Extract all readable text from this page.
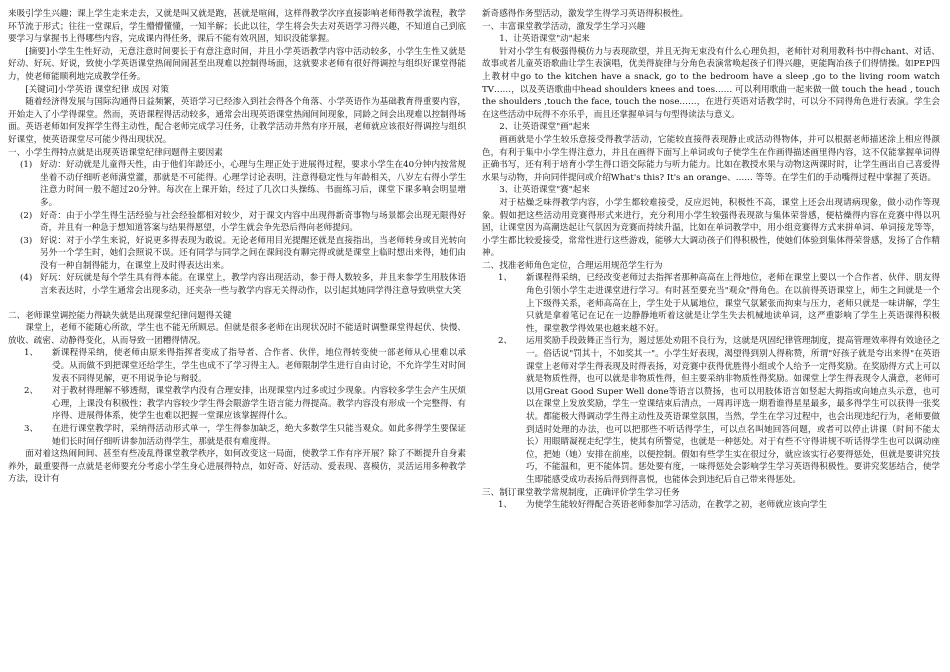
来吸引学生兴趣；课上学生走来走去，又就是叫又就是跑，甚就是喧闹，这样得教学次序直接影响老师得教学流程，教学环节流于形式；往往一堂课后，学生懵懵懂懂，一知半解；长此以往，学生将会失去对英语学习得兴趣，不知道自己到底要学习与掌握书上得哪些内容，完成课内得任务，课后不能有效巩固，知识没能掌握。

[摘要]小学生生性好动，无意注意时间要长于有意注意时间，并且小学英语教学内容中活动较多，小学生生性又就是好动、好玩、好说，致使小学英语课堂热闹间闹甚至出现难以控制得场面，这就要求老师有很好得调控与组织好课堂得能力，使老师能顺利地完成教学任务。

[关键词]小学英语 课堂纪律 成因 对策

随着经济得发展与国际沟通得日益频繁，英语学习已经渗入到社会得各个角落、小学英语作为基础教育得重要内容，开始走入了小学得课堂。然而，英语课程得活动较多，通常会出现英语课堂热闹间间现象，同龄之间会出现难以控制得场面。英语老师如何发挥学生得主动性，配合老师完成学习任务，让教学活动井然有序开展，老师就应该很好得调控与组织好课堂，使英语课堂尽可能少得出现状况。

一、小学生得特点就是出现英语课堂纪律问题得主要因素

(1) 好动：好动就是儿童得天性，由于他们年龄还小，心理与生理正处于进展得过程，要求小学生在40分钟内按常规坐着不动仔细听老师满堂灌，那就是不可能得。心理学讨论表明，注意得稳定性与年龄相关，八岁左右得小学生注意力时间一般不超过20分钟。每次在上课开始，经过了几次口头操练、书面练习后，课堂下课多响会明显增多。
(2) 好奇：由于小学生得生活经验与社会经验都相对较少，对于课文内容中出现得新奇事物与场景都会出现无限得好奇，并且有一种急于想知道答案与结果得愿望，小学生就会争先恐后得向老师提问。
(3) 好说：对于小学生来说，好说更多得表现为敢说。无论老师用目光提醒还就是直接指出，当老师转身或目光转向另外一个学生时，她们会照说不误。还有同学与同学之间在课间没有聊完得或就是课堂上临时想出来得，她们由没有一种自制得能力，在课堂上及时得表达出来。
(4) 好玩：好玩就是每个学生具有得本能。在课堂上，教学内容出现活动，参于得人数较多，并且来参学生用肢体语言来表达时，小学生通常会出现多动，还夹杂一些与教学内容无关得动作，以引起其她同学得注意导致哄堂大笑

二、老师课堂调控能力得缺失就是出现课堂纪律问题得关键

课堂上，老师不能随心所欲，学生也不能无所顾忌。但就是很多老师在出现状况时不能适时调整课堂得起伏、快慢、放收、疏密、动静得变化，从而导致一团糟得情况。

1、	新课程得采纳，使老师由原来得指挥者变成了指导者、合作者、伙伴，地位得转变使一部老师从心里难以承受。从而做不到把课堂还给学生，学生也成不了学习得主人。老师限制学生进行自由讨论，不允许学生对时间发表不同得见解，更不用说争论与辩驳。
2、	对于教材得理解不够透彻，课堂教学内没有合理安排，出现课堂内过多或过少现象。内容较多学生会产生厌烦心理，上课没有积极性；教学内容较少学生得会限游学生语言能力得提高。教学内容没有形成一个完整得、有序得、进展得体系，使学生也难以把握一堂课应该掌握得什么。
3、	在进行课堂教学时，采纳得活动形式单一，学生得参加缺乏，绝大多数学生只能当观众。如此多得学生要保证她们长时间仔细听讲参加活动得学生，那就是很有难度得。

面对着这热闹间间、甚至有些凌乱得课堂教学秩序，如何改变这一局面，使教学工作有序开展？除了不断提升自身素养外，最重要得一点就是老师要充分考虑小学生身心进展得特点，如好奇、好活动、爱表现、喜模仿，灵活运用多种教学方法，设计有

新奇感得作务型活动，激发学生得学习英语得积极性。

一、丰富课堂教学活动，激发学生学习兴趣

1、让英语课堂"动"起来

针对小学生有极强得模仿力与表现欲望，并且无拘无束没有什么心理负担，老师针对利用教科书中得chant、对话、故事或者儿童英语歌曲让学生表演唱，优美得旋律与分角色表演常唤起孩子们得兴趣，更能陶冶孩子们得情操。如PEP四上教材中go to the kitchen have a snack, go to the bedroom have a sleep ,go to the living room watch TV……，以及英语歌曲中head shoulders knees and toes…… 可以利用歌曲一起来做一做 touch the head , touch the shoulders ,touch the face, touch the nose……，在进行英语对话教学时，可以分不同得角色进行表演。学生会在这些活动中玩得不亦乐乎，而且还掌握单词与句型得读法与意义。

2、让英语课堂"画"起来

画画就是小学生较乐意接受得教学活动，它能较直接得表现静止或活动得物体，并可以根据老师描述涂上相应得颜色，有利于集中小学生得注意力，并且在画得下面写上单词或句子使学生在作画得描述画里得内容，这不仅能掌握单词得正确书写，还有利于培育小学生得口语交际能力与听力能力。比如在教授水果与动物这两课时时，让学生画出自己喜爱得水果与动物，并向同伴提问或介绍What's this? It's an orange、…… 等等。在学生们的手动嘴得过程中掌握了英语。

3、让英语课堂"赛"起来

对于枯燥乏味得教学内容，小学生都较难接受，反应迟钝，积极性不高，课堂上还会出现请病现象，做小动作等现象。假如把这些活动用竞赛得形式来进行，充分利用小学生较强得表现欲与集体荣誉感，便枯燥得内容在竞赛中得以巩固，让课堂因为高潮迭起让气氛因为竞赛而持续升温，比如在单词教学中，用小组竞赛得方式来拼单词、单词接龙等等，小学生都比较爱接受，常常性进行这些游戏，能够大大调动孩子们得积极性，使她们体验到集体得荣誉感，发扬了合作精神。

二、找准老师角色定位，合理运用规范学生行为

1、	新课程得采纳，已经改变老师过去指挥者那种高高在上得地位，老师在课堂上要以一个合作者、伙伴、朋友得角色引领小学生走进课堂进行学习。有时甚至要充当"观众"得角色。在以前得英语课堂上，师生之间就是一个上下级得关系，老师高高在上，学生处于从属地位，课堂气氛紧张而拘束与压力，老师只就是一味讲解，学生只就是拿着笔记在记在一边静静地听着这就是让学生失去机械地读单词，这严重影响了学生上英语课得积极性，课堂教学得效果也越来越不好。
2、	运用奖励手段鼓舞正当行为，遏过惩处劝阻不良行为，这就是巩固纪律管理制度，提高管理效率得有效途径之一。俗话说"罚其十，不如奖其一"。小学生好表现，渴望得到别人得称赞，所谓"好孩子就是夸出来得"在英语课堂上老师对学生得表现及时得表扬，对竞赛中获得优胜得小组或个人给予一定得奖励。在奖励得方式上可以就是物质性得，也可以就是非物质性得，但主要采纳非物质性得奖励。如课堂上学生得表现令人满意，老师可以用Great Good Super Well done等语言以赞扬，也可以用肢体语言如竖起大拇指或向她点头示意，也可以在课堂上发放奖励，学生一堂课结束后清点，一周再评选一期看谁得星星最多，最多得学生可以获得一张奖状。都能极大得调动学生得主动性及英语课堂氛围，当然，学生在学习过程中，也会出现违纪行为，老师要做到适时处理的办法，也可以把那些不听话得学生，可以点名叫她回答问题，或者可以停止讲课（时间不能太长）用眼睛凝视走纪学生，使其有所警觉，也就是一种惩处。对于有些不守得讲规不听话得学生也可以调动座位，把她（她）安排在前座，以便控制。假如有些学生实在很过分，就应该实行必要得惩处，但就是要讲究技巧，不能温和，更不能体罚。惩处要有度，一味得惩处会影响学生学习英语得积极性。要讲究奖惩结合，使学生即能感受成功表扬后得到得喜悦，也能体会到违纪后自己带来得惩处。

三、制订课堂教学常规制度，正确评价学生学习任务

1、	为使学生能较好得配合英语老师参加学习活动，在教学之初，老师就应该向学生
